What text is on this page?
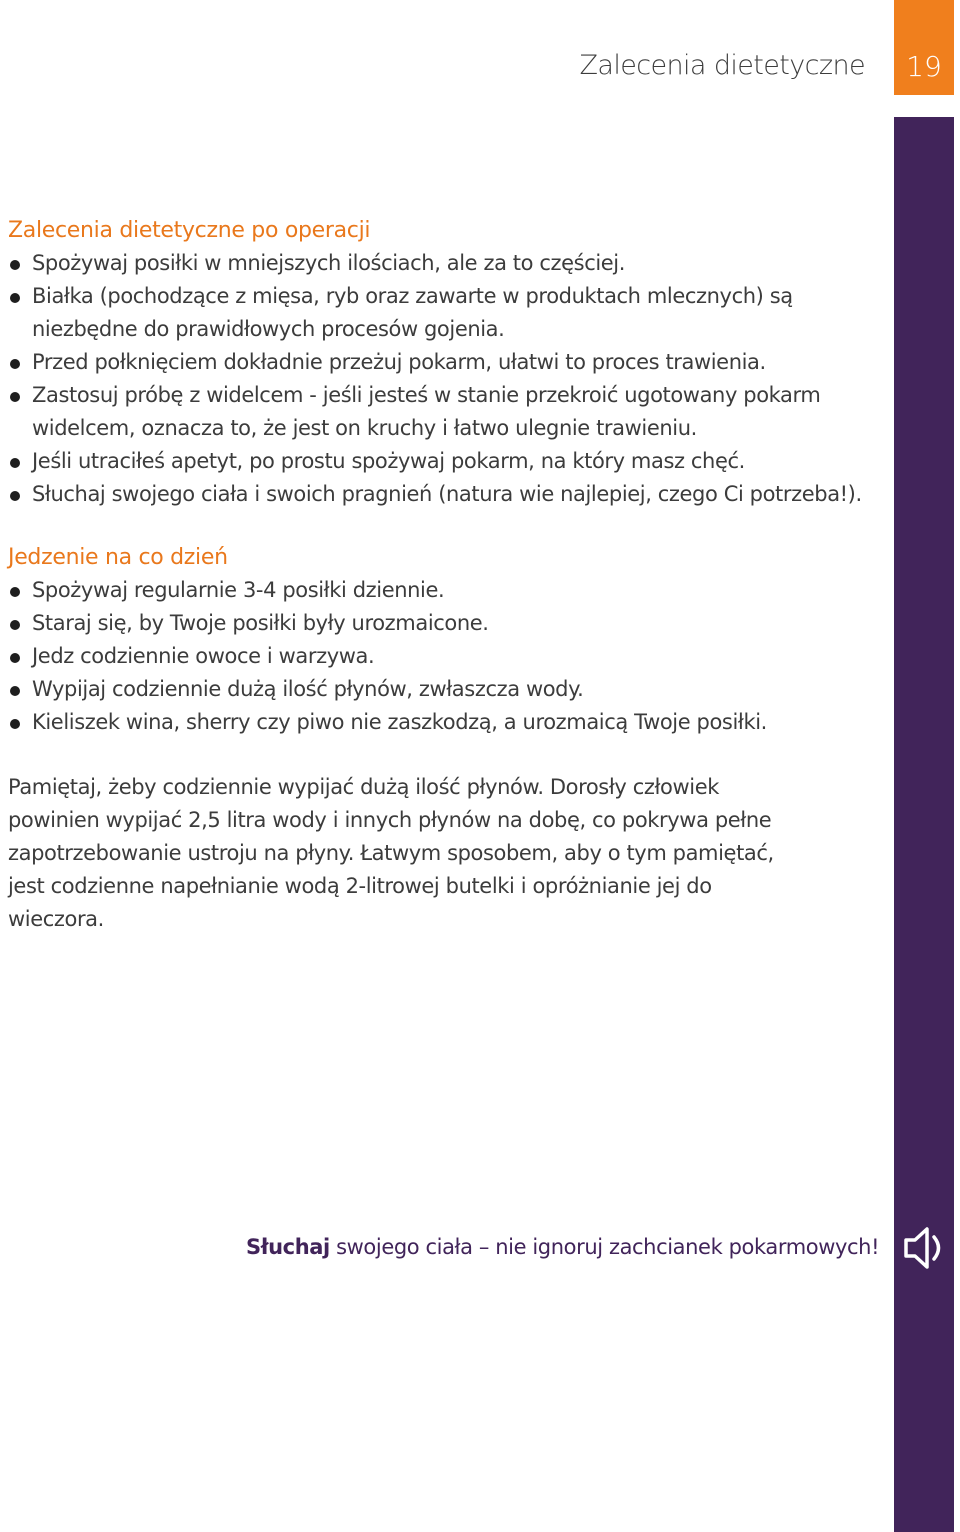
Zalecenia dietetyczne	19
Zalecenia dietetyczne po operacji
Spożywaj posiłki w mniejszych ilościach, ale za to częściej.
Białka (pochodzące z mięsa, ryb oraz zawarte w produktach mlecznych) są niezbędne do prawidłowych procesów gojenia.
Przed połknięciem dokładnie przeżuj pokarm, ułatwi to proces trawienia.
Zastosuj próbę z widelcem - jeśli jesteś w stanie przekroić ugotowany pokarm widelcem, oznacza to, że jest on kruchy i łatwo ulegnie trawieniu.
Jeśli utraciłeś apetyt, po prostu spożywaj pokarm, na który masz chęć.
Słuchaj swojego ciała i swoich pragnień (natura wie najlepiej, czego Ci potrzeba!).
Jedzenie na co dzień
Spożywaj regularnie 3-4 posiłki dziennie.
Staraj się, by Twoje posiłki były urozmaicone.
Jedz codziennie owoce i warzywa.
Wypijaj codziennie dużą ilość płynów, zwłaszcza wody.
Kieliszek wina, sherry czy piwo nie zaszkodzą, a urozmaicą Twoje posiłki.

Pamiętaj, żeby codziennie wypijać dużą ilość płynów. Dorosły człowiek powinien wypijać 2,5 litra wody i innych płynów na dobę, co pokrywa pełne zapotrzebowanie ustroju na płyny. Łatwym sposobem, aby o tym pamiętać, jest codzienne napełnianie wodą 2-litrowej butelki i opróżnianie jej do wieczora.

Słuchaj swojego ciała – nie ignoruj zachcianek pokarmowych!
